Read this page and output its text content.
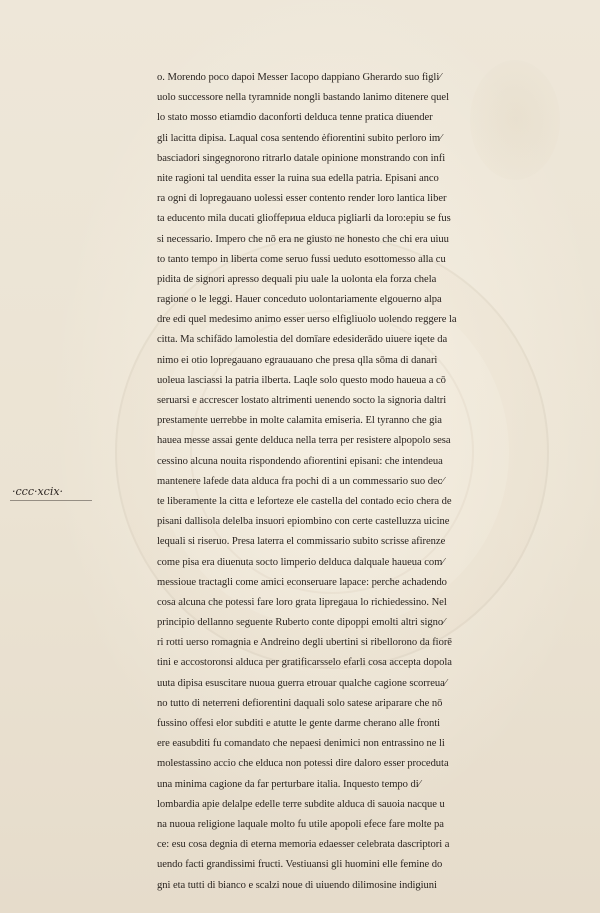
·ccc·xcix·
o. Morendo poco dapoi Messer Iacopo dappiano Gherardo suo figli⁄
uolo successore nella tyramnide nongli bastando lanimo ditenere quel
lo stato mosso etiamdio daconforti delduca tenne pratica diuender
gli lacitta dipisa. Laqual cosa sentendo ėfiorentini subito perloro im⁄
basciadori singegnorono ritrarlo datale opinione monstrando con infi
nite ragioni tal uendita esser la ruina sua edella patria. Episani anco
ra ogni di lopregauano uolessi esser contento render loro lantica liber
ta educento mila ducati glioffериua elduca pigliarli da loro:epiu se fus
si necessario. Impero che nō era ne giusto ne honesto che chi era uiuu
to tanto tempo in liberta come seruo fussi ueduto esottomesso alla cu
pidita de signori apresso dequali piu uale la uolonta ela forza chela
ragione o le leggi. Hauer conceduto uolontariamente elgouerno alpa
dre edi quel medesimo animo esser uerso elfigliuolo uolendo reggere la
citta. Ma schifādo lamolestia del domīare edesiderādo uiuere iqete da
nimo ei otio lopregauano egrauauano che presa qlla sōma di danari
uoleua lasciassi la patria ilberta. Laqle solo questo modo haueua a cō
seruarsi e accrescer lostato altrimenti uenendo socto la signoria daltri
prestamente uerrebbe in molte calamita emiseria. El tyranno che gia
hauea messe assai gente delduca nella terra per resistere alpopolo sesa
cessino alcuna nouita rispondendo afiorentini episani: che intendeua
mantenere lafede data alduca fra pochi di a un commessario suo dec⁄
te liberamente la citta e leforteze ele castella del contado ecio chera de
pisani dallisola delelba insuori epiombino con certe castelluzza uicine
lequali si riseruo. Presa laterra el commissario subito scrisse afirenze
come pisa era diuenuta socto limperio delduca dalquale haueua com⁄
messioue tractagli come amici econseruare lapace: perche achadendo
cosa alcuna che potessi fare loro grata lipregaua lo richiedessino. Nel
principio dellanno seguente Ruberto conte dipoppi emolti altri signo⁄
ri rotti uerso romagnia e Andreino degli ubertini si ribellorono da fiorē
tini e accostoronsi alduca per gratificarsselo efarli cosa accepta dopola
uuta dipisa esuscitare nuoua guerra etrouar qualche cagione scorreua⁄
no tutto di neterreni defiorentini daquali solo satese ariparare che nō
fussino offesi elor subditi e atutte le gente darme cherano alle fronti
ere easubditi fu comandato che nepaesi denimici non entrassino ne li
molestassino accio che elduca non potessi dire daloro esser proceduta
una minima cagione da far perturbare italia. Inquesto tempo di⁄
lombardia apie delalpe edelle terre subdite alduca di sauoia nacque u
na nuoua religione laquale molto fu utile apopoli efece fare molte pa
ce: esu cosa degnia di eterna memoria edaesser celebrata dascriptori a
uendo facti grandissimi fructi. Vestiuansi gli huomini elle femine do
gni eta tutti di bianco e scalzi noue di uiuendo dilimosine indigiuni
